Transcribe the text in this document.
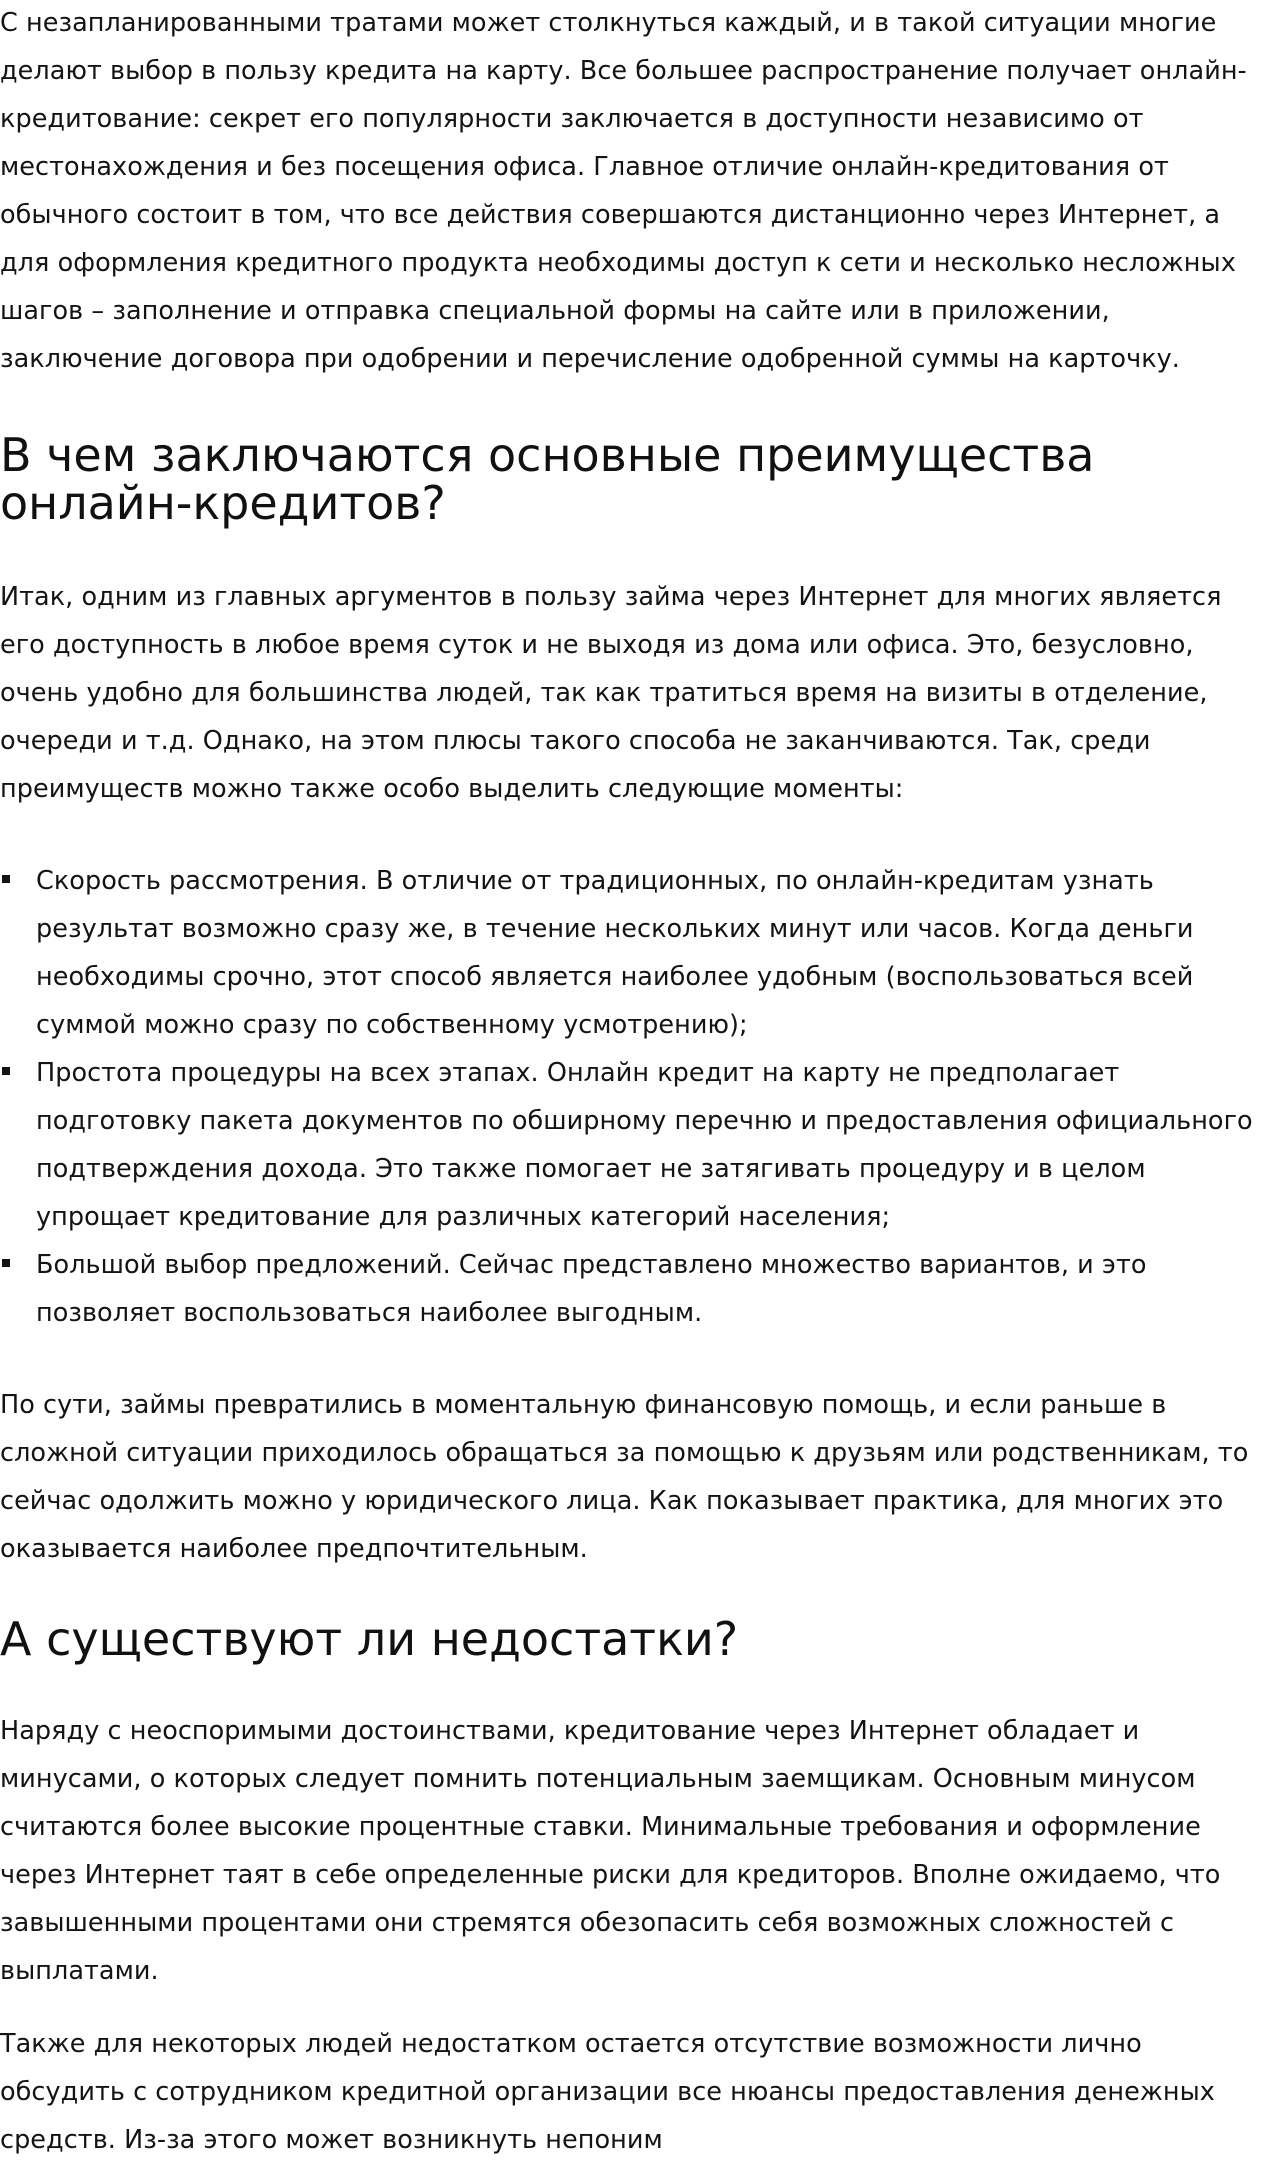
С незапланированными тратами может столкнуться каждый, и в такой ситуации многие делают выбор в пользу кредита на карту. Все большее распространение получает онлайн-кредитование: секрет его популярности заключается в доступности независимо от местонахождения и без посещения офиса. Главное отличие онлайн-кредитования от обычного состоит в том, что все действия совершаются дистанционно через Интернет, а для оформления кредитного продукта необходимы доступ к сети и несколько несложных шагов – заполнение и отправка специальной формы на сайте или в приложении, заключение договора при одобрении и перечисление одобренной суммы на карточку.

В чем заключаются основные преимущества онлайн-кредитов?

Итак, одним из главных аргументов в пользу займа через Интернет для многих является его доступность в любое время суток и не выходя из дома или офиса. Это, безусловно, очень удобно для большинства людей, так как тратиться время на визиты в отделение, очереди и т.д. Однако, на этом плюсы такого способа не заканчиваются. Так, среди преимуществ можно также особо выделить следующие моменты:

Скорость рассмотрения. В отличие от традиционных, по онлайн-кредитам узнать результат возможно сразу же, в течение нескольких минут или часов. Когда деньги необходимы срочно, этот способ является наиболее удобным (воспользоваться всей суммой можно сразу по собственному усмотрению);
Простота процедуры на всех этапах. Онлайн кредит на карту не предполагает подготовку пакета документов по обширному перечню и предоставления официального подтверждения дохода. Это также помогает не затягивать процедуру и в целом упрощает кредитование для различных категорий населения;
Большой выбор предложений. Сейчас представлено множество вариантов, и это позволяет воспользоваться наиболее выгодным.

По сути, займы превратились в моментальную финансовую помощь, и если раньше в сложной ситуации приходилось обращаться за помощью к друзьям или родственникам, то сейчас одолжить можно у юридического лица. Как показывает практика, для многих это оказывается наиболее предпочтительным.

А существуют ли недостатки?

Наряду с неоспоримыми достоинствами, кредитование через Интернет обладает и минусами, о которых следует помнить потенциальным заемщикам. Основным минусом считаются более высокие процентные ставки. Минимальные требования и оформление через Интернет таят в себе определенные риски для кредиторов. Вполне ожидаемо, что завышенными процентами они стремятся обезопасить себя возможных сложностей с выплатами.

Также для некоторых людей недостатком остается отсутствие возможности лично обсудить с сотрудником кредитной организации все нюансы предоставления денежных средств. Из-за этого может возникнуть непоним
